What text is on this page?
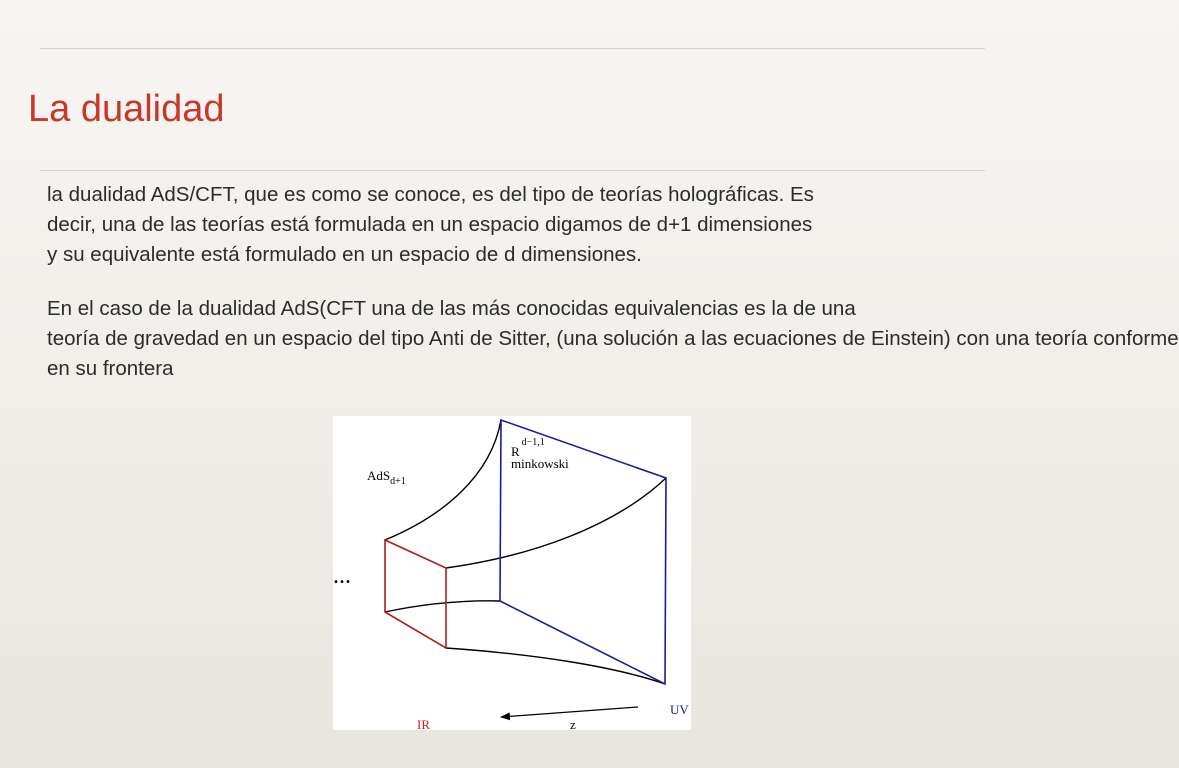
La dualidad
la dualidad AdS/CFT, que es como se conoce, es del tipo de teorías holográficas. Es
decir, una de las teorías está formulada en un espacio digamos de d+1 dimensiones
y su equivalente está formulado en un espacio de d dimensiones.
En el caso de la dualidad AdS(CFT una de las más conocidas equivalencias es la de una
teoría de gravedad en un espacio del tipo Anti de Sitter, (una solución a las ecuaciones de Einstein) con una teoría conforme
en su frontera
AdS$_{d+1}$
$R^{d-1,1}$
minkowski
...
UV
IR	z
